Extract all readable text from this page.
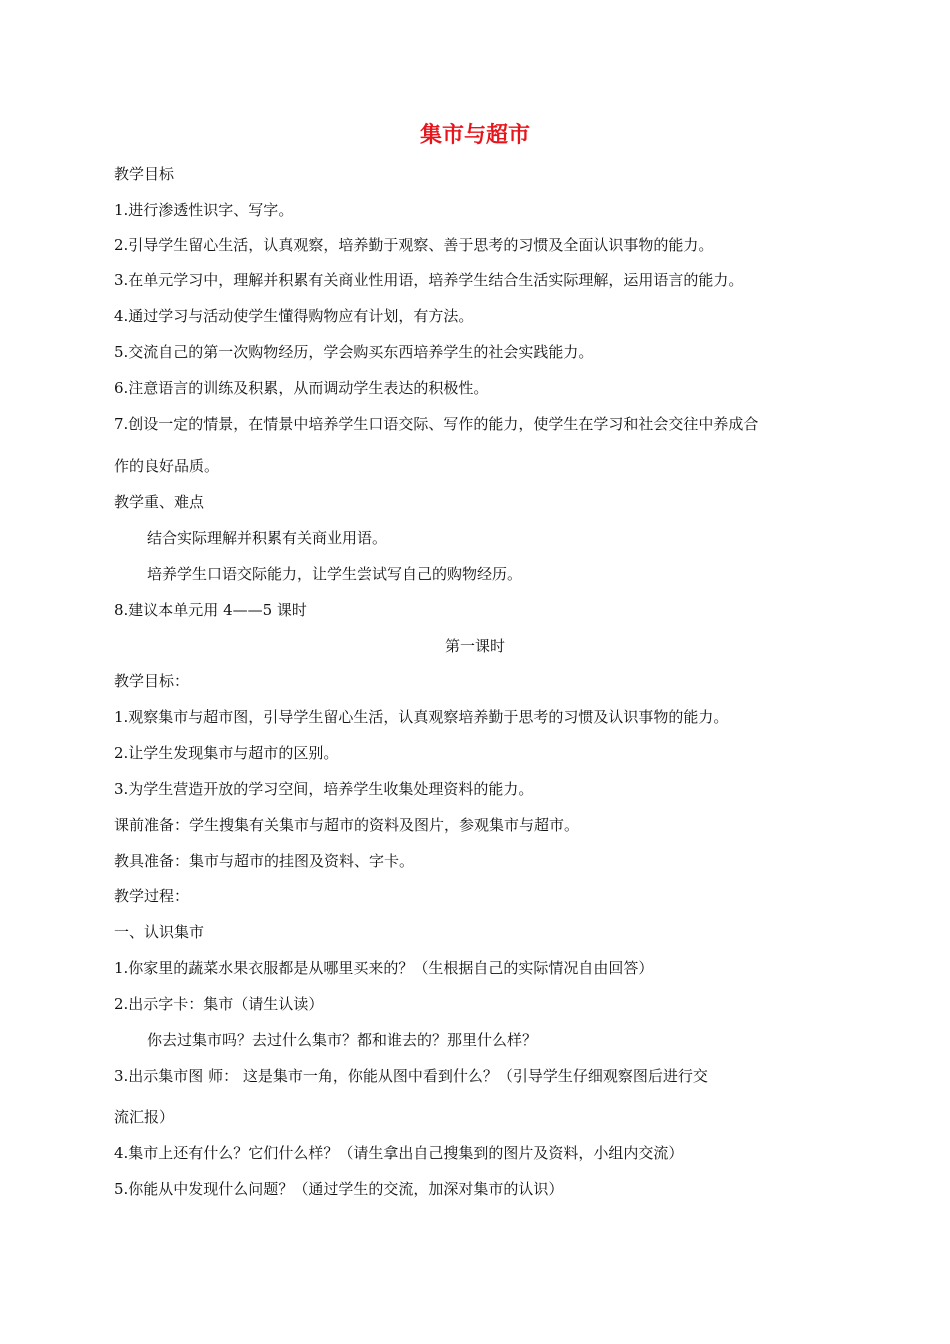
集市与超市
教学目标
1.进行渗透性识字、写字。
2.引导学生留心生活，认真观察，培养勤于观察、善于思考的习惯及全面认识事物的能力。
3.在单元学习中，理解并积累有关商业性用语，培养学生结合生活实际理解，运用语言的能力。
4.通过学习与活动使学生懂得购物应有计划，有方法。
5.交流自己的第一次购物经历，学会购买东西培养学生的社会实践能力。
6.注意语言的训练及积累，从而调动学生表达的积极性。
7.创设一定的情景，在情景中培养学生口语交际、写作的能力，使学生在学习和社会交往中养成合
作的良好品质。
教学重、难点
结合实际理解并积累有关商业用语。
培养学生口语交际能力，让学生尝试写自己的购物经历。
8.建议本单元用 4——5 课时
第一课时
教学目标：
1.观察集市与超市图，引导学生留心生活，认真观察培养勤于思考的习惯及认识事物的能力。
2.让学生发现集市与超市的区别。
3.为学生营造开放的学习空间，培养学生收集处理资料的能力。
课前准备：学生搜集有关集市与超市的资料及图片，参观集市与超市。
教具准备：集市与超市的挂图及资料、字卡。
教学过程：
一、认识集市
1.你家里的蔬菜水果衣服都是从哪里买来的？（生根据自己的实际情况自由回答）
2.出示字卡：集市（请生认读）
你去过集市吗？去过什么集市？都和谁去的？那里什么样？
3.出示集市图 师： 这是集市一角，你能从图中看到什么？（引导学生仔细观察图后进行交
流汇报）
4.集市上还有什么？它们什么样？（请生拿出自己搜集到的图片及资料，小组内交流）
5.你能从中发现什么问题？（通过学生的交流，加深对集市的认识）
